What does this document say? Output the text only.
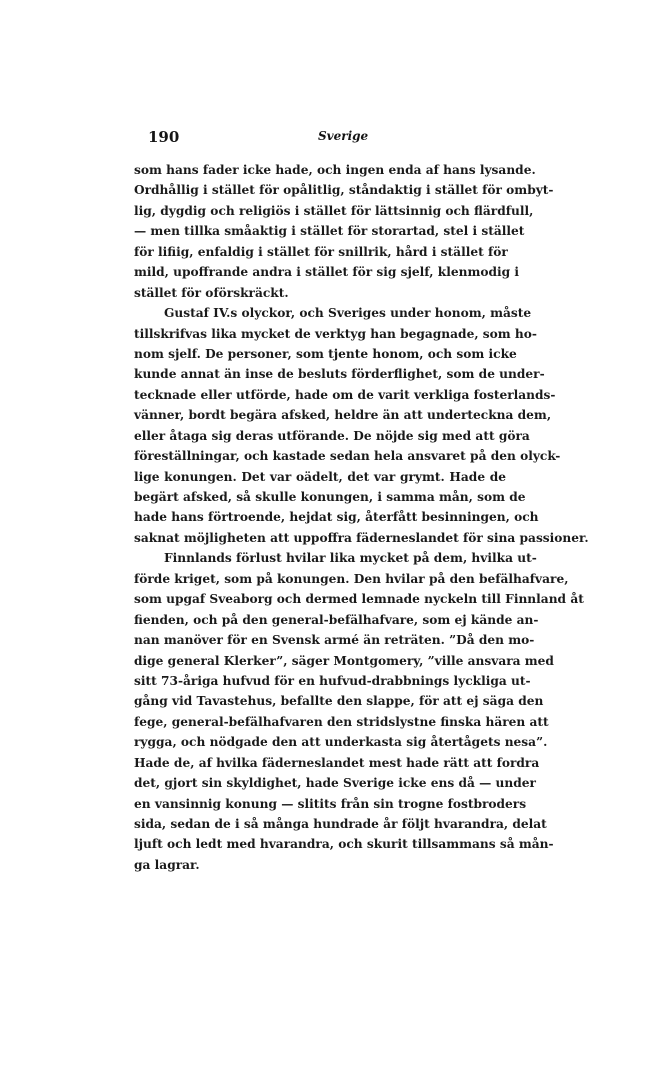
190	Sverige
som hans fader icke hade, och ingen enda af hans lysande.
Ordhållig i stället för opålitlig, ståndaktig i stället för ombyt-
lig, dygdig och religiös i stället för lättsinnig och flärdfull,
— men tillka småaktig i stället för storartad, stel i stället
för lifiig, enfaldig i stället för snillrik, hård i stället för
mild, upoffrande andra i stället för sig sjelf, klenmodig i
stället för oförskräckt.
Gustaf IV.s olyckor, och Sveriges under honom, måste
tillskrifvas lika mycket de verktyg han begagnade, som ho-
nom sjelf. De personer, som tjente honom, och som icke
kunde annat än inse de besluts förderflighet, som de under-
tecknade eller utförde, hade om de varit verkliga fosterlands-
vänner, bordt begära afsked, heldre än att underteckna dem,
eller åtaga sig deras utförande. De nöjde sig med att göra
föreställningar, och kastade sedan hela ansvaret på den olyck-
lige konungen. Det var oädelt, det var grymt. Hade de
begärt afsked, så skulle konungen, i samma mån, som de
hade hans förtroende, hejdat sig, återfått besinningen, och
saknat möjligheten att uppoffra fäderneslandet för sina passioner.
Finnlands förlust hvilar lika mycket på dem, hvilka ut-
förde kriget, som på konungen. Den hvilar på den befälhafvare,
som upgaf Sveaborg och dermed lemnade nyckeln till Finnland åt
fienden, och på den general-befälhafvare, som ej kände an-
nan manöver för en Svensk armé än reträten. ”Då den mo-
dige general Klerker”, säger Montgomery, ”ville ansvara med
sitt 73-åriga hufvud för en hufvud-drabbnings lyckliga ut-
gång vid Tavastehus, befallte den slappe, för att ej säga den
fege, general-befälhafvaren den stridslystne finska hären att
rygga, och nödgade den att underkasta sig återtågets nesa”.
Hade de, af hvilka fäderneslandet mest hade rätt att fordra
det, gjort sin skyldighet, hade Sverige icke ens då — under
en vansinnig konung — slitits från sin trogne fostbroders
sida, sedan de i så många hundrade år följt hvarandra, delat
ljuft och ledt med hvarandra, och skurit tillsammans så mån-
ga lagrar.
